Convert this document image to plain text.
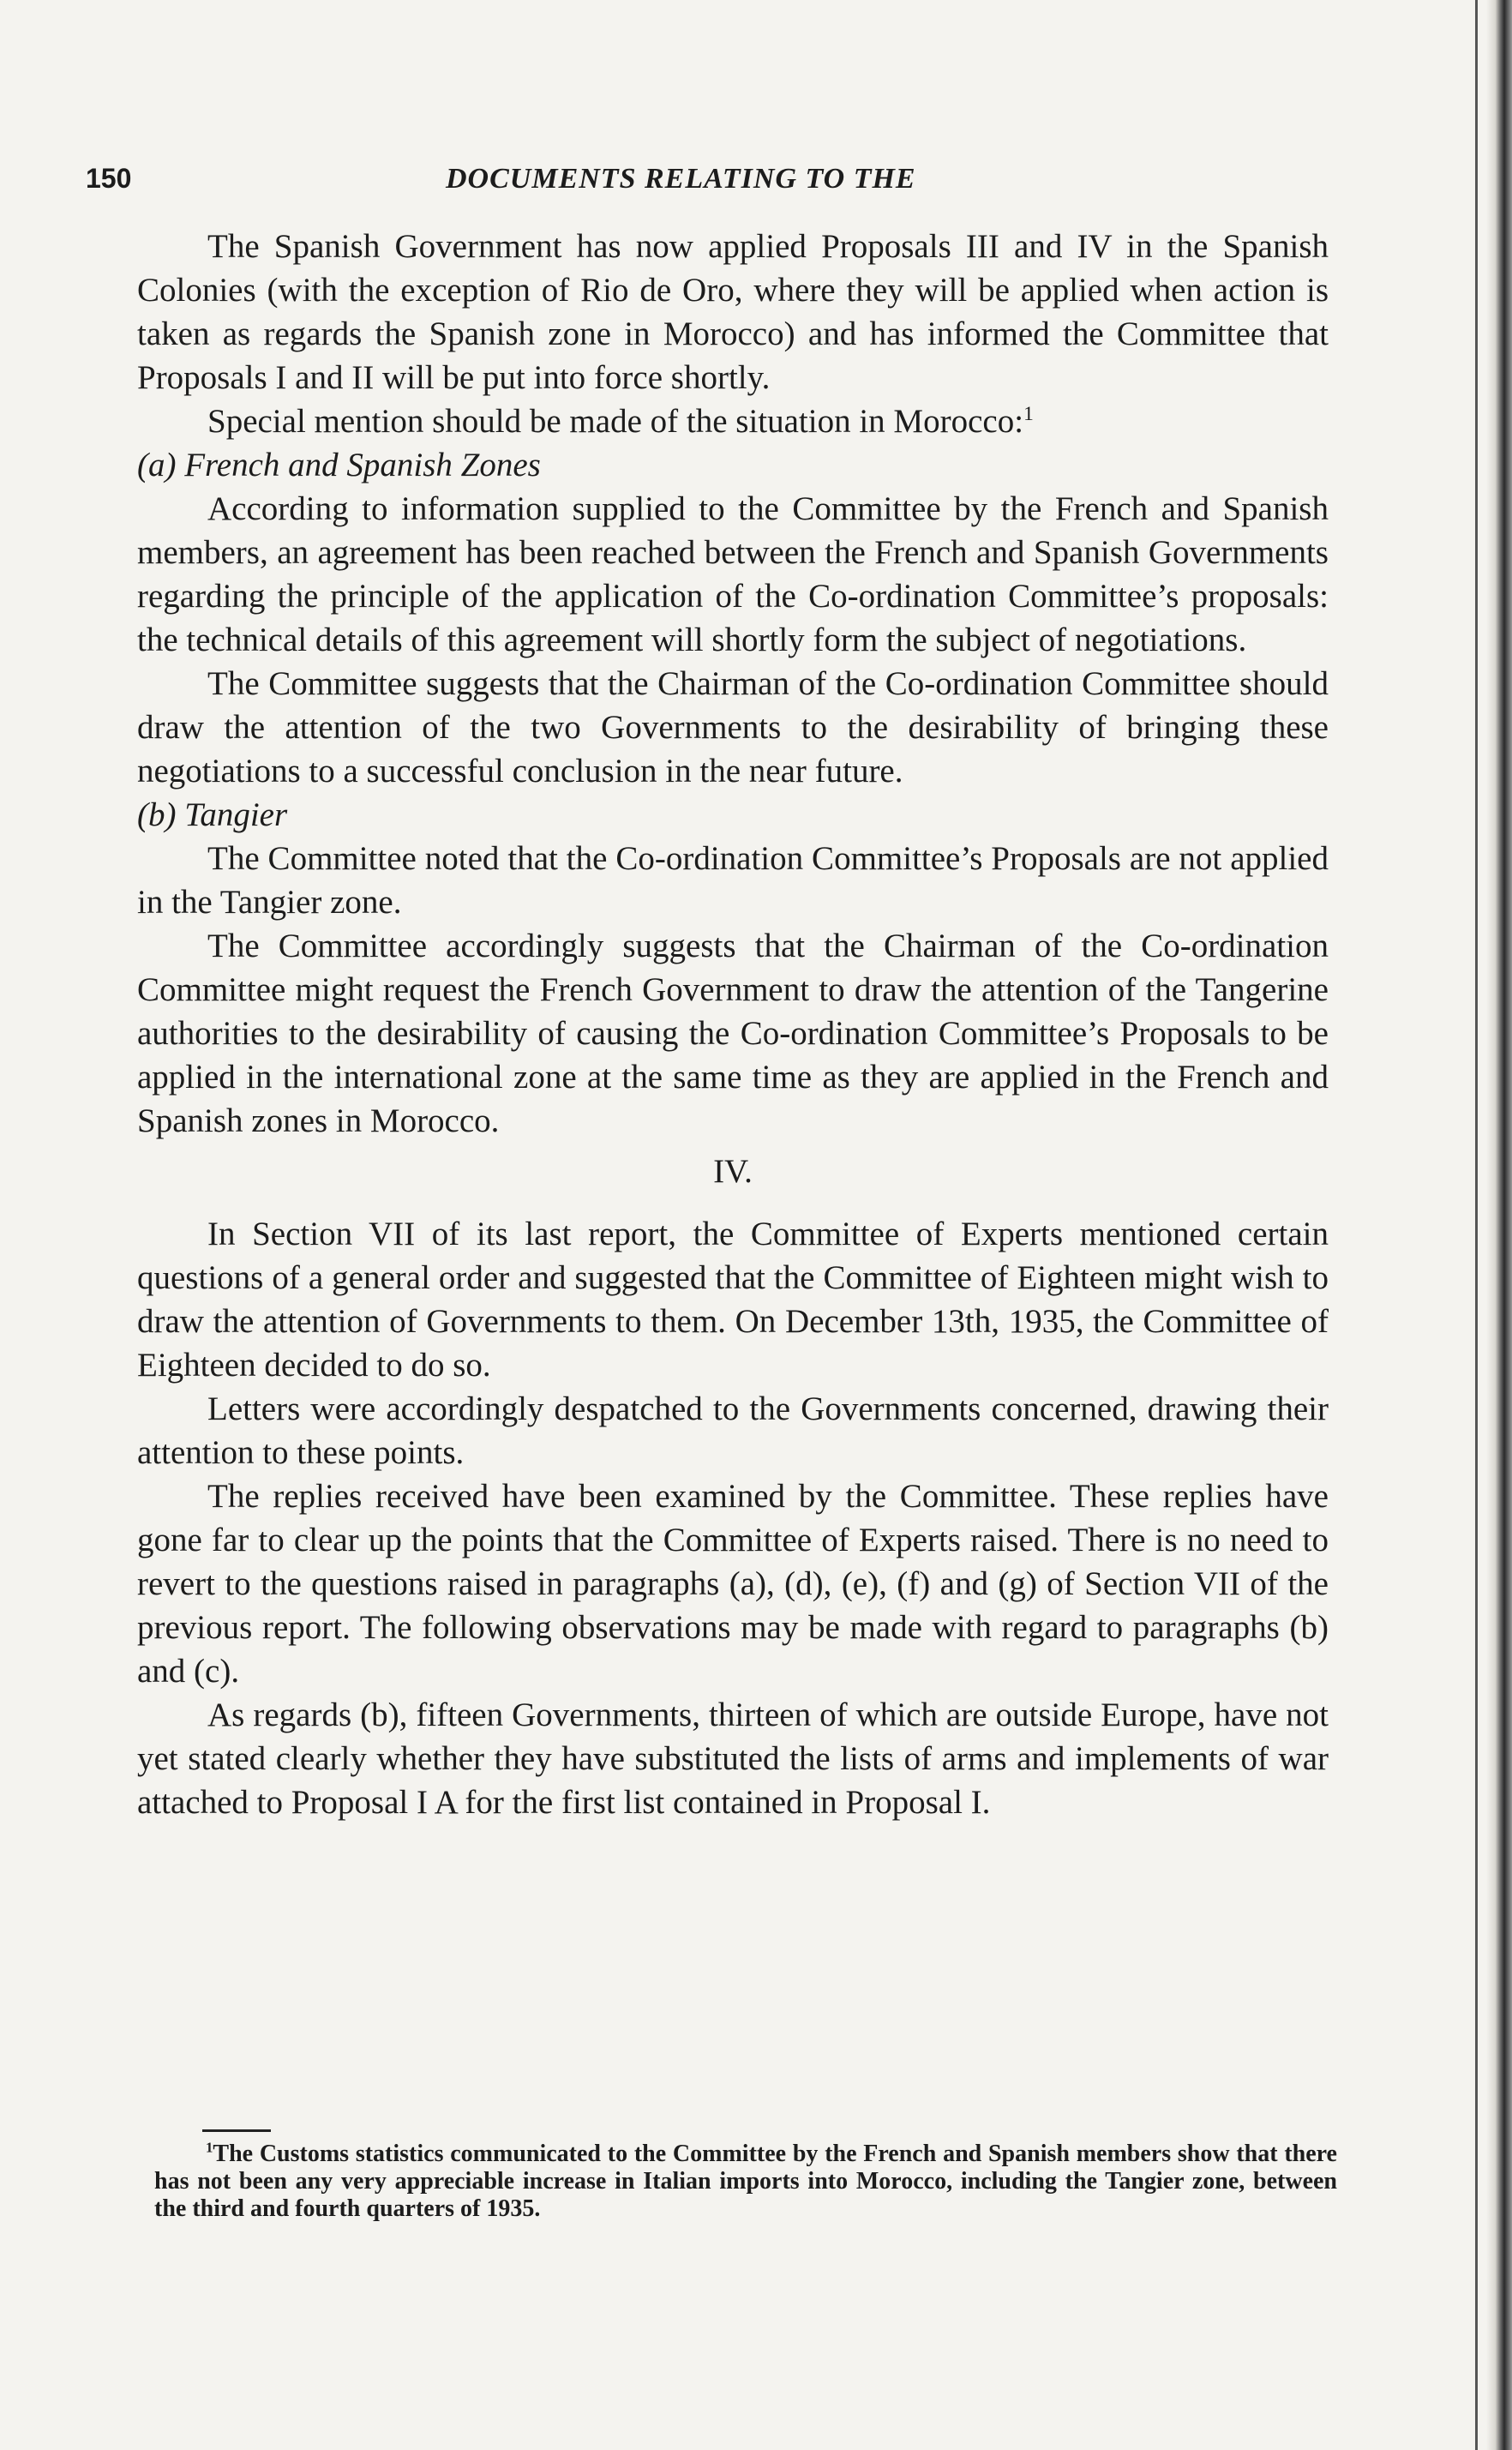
150	DOCUMENTS RELATING TO THE

The Spanish Government has now applied Proposals III and IV in the Spanish Colonies (with the exception of Rio de Oro, where they will be applied when action is taken as regards the Spanish zone in Morocco) and has informed the Committee that Proposals I and II will be put into force shortly.

Special mention should be made of the situation in Morocco:$^1$

(a) French and Spanish Zones

According to information supplied to the Committee by the French and Spanish members, an agreement has been reached between the French and Spanish Governments regarding the principle of the application of the Co-ordination Committee’s proposals: the technical details of this agreement will shortly form the subject of negotiations.

The Committee suggests that the Chairman of the Co-ordination Committee should draw the attention of the two Governments to the desirability of bringing these negotiations to a successful conclusion in the near future.

(b) Tangier

The Committee noted that the Co-ordination Committee’s Proposals are not applied in the Tangier zone.

The Committee accordingly suggests that the Chairman of the Co-ordination Committee might request the French Government to draw the attention of the Tangerine authorities to the desirability of causing the Co-ordination Committee’s Proposals to be applied in the international zone at the same time as they are applied in the French and Spanish zones in Morocco.

IV.

In Section VII of its last report, the Committee of Experts mentioned certain questions of a general order and suggested that the Committee of Eighteen might wish to draw the attention of Governments to them. On December 13th, 1935, the Committee of Eighteen decided to do so.

Letters were accordingly despatched to the Governments concerned, drawing their attention to these points.

The replies received have been examined by the Committee. These replies have gone far to clear up the points that the Committee of Experts raised. There is no need to revert to the questions raised in paragraphs (a), (d), (e), (f) and (g) of Section VII of the previous report. The following observations may be made with regard to paragraphs (b) and (c).

As regards (b), fifteen Governments, thirteen of which are outside Europe, have not yet stated clearly whether they have substituted the lists of arms and implements of war attached to Proposal I A for the first list contained in Proposal I.

$^1$The Customs statistics communicated to the Committee by the French and Spanish members show that there has not been any very appreciable increase in Italian imports into Morocco, including the Tangier zone, between the third and fourth quarters of 1935.
